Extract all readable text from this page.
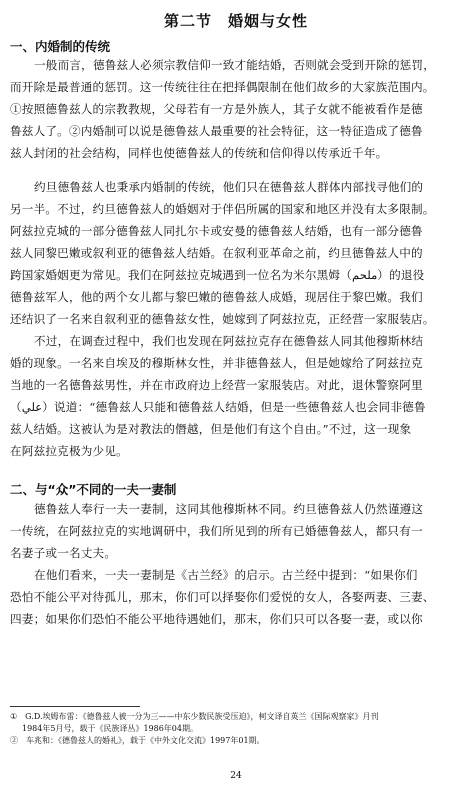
第二节　婚姻与女性
一、内婚制的传统
一般而言，德鲁兹人必须宗教信仰一致才能结婚，否则就会受到开除的惩罚，
而开除是最普通的惩罚。这一传统往往在把择偶限制在他们故乡的大家族范围内。
①按照德鲁兹人的宗教教规，父母若有一方是外族人，其子女就不能被看作是德
鲁兹人了。②内婚制可以说是德鲁兹人最重要的社会特征，这一特征造成了德鲁
兹人封闭的社会结构，同样也使德鲁兹人的传统和信仰得以传承近千年。
约旦德鲁兹人也秉承内婚制的传统，他们只在德鲁兹人群体内部找寻他们的
另一半。不过，约旦德鲁兹人的婚姻对于伴侣所属的国家和地区并没有太多限制。
阿兹拉克城的一部分德鲁兹人同扎尔卡或安曼的德鲁兹人结婚，也有一部分德鲁
兹人同黎巴嫩或叙利亚的德鲁兹人结婚。在叙利亚革命之前，约旦德鲁兹人中的
跨国家婚姻更为常见。我们在阿兹拉克城遇到一位名为米尔黑姆（ملحم）的退役
德鲁兹军人，他的两个女儿都与黎巴嫩的德鲁兹人成婚，现居住于黎巴嫩。我们
还结识了一名来自叙利亚的德鲁兹女性，她嫁到了阿兹拉克，正经营一家服装店。
不过，在调查过程中，我们也发现在阿兹拉克存在德鲁兹人同其他穆斯林结
婚的现象。一名来自埃及的穆斯林女性，并非德鲁兹人，但是她嫁给了阿兹拉克
当地的一名德鲁兹男性，并在市政府边上经营一家服装店。对此，退休警察阿里
（علي）说道：“德鲁兹人只能和德鲁兹人结婚，但是一些德鲁兹人也会同非德鲁
兹人结婚。这被认为是对教法的僭越，但是他们有这个自由。”不过，这一现象
在阿兹拉克极为少见。
二、与“众”不同的一夫一妻制
德鲁兹人奉行一夫一妻制，这同其他穆斯林不同。约旦德鲁兹人仍然谨遵这
一传统，在阿兹拉克的实地调研中，我们所见到的所有已婚德鲁兹人，都只有一
名妻子或一名丈夫。
在他们看来，一夫一妻制是《古兰经》的启示。古兰经中提到：“如果你们
恐怕不能公平对待孤儿，那末，你们可以择娶你们爱悦的女人，各娶两妻、三妻、
四妻；如果你们恐怕不能公平地待遇她们，那末，你们只可以各娶一妻，或以你
①　G.D.埃姆布雷：《德鲁兹人被一分为三——中东少数民族受压迫》，柯文译自英兰《国际观察家》月刊
1984年5月号，载于《民族译丛》1986年04期。
②　车兆和：《德鲁兹人的婚礼》，载于《中外文化交流》1997年01期。
24
